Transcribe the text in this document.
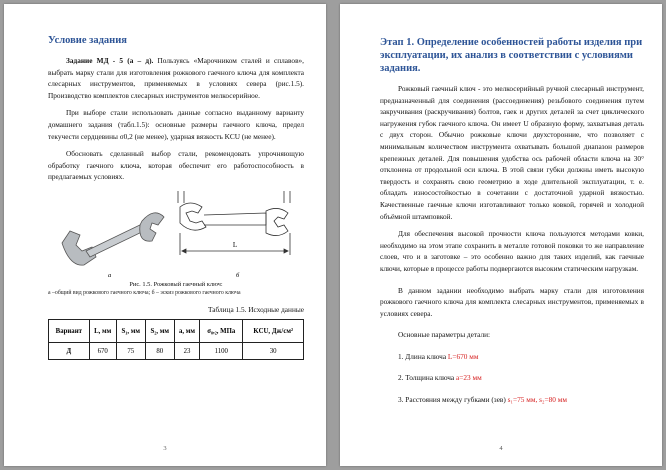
Условие задания

Задание МД - 5 (а – д). Пользуясь «Марочником сталей и сплавов», выбрать марку стали для изготовления рожкового гаечного ключа для комплекта слесарных инструментов, применяемых в условиях севера (рис.1.5). Производство комплектов слесарных инструментов мелкосерийное.

При выборе стали использовать данные согласно выданному варианту домашнего задания (табл.1.5): основные размеры гаечного ключа, предел текучести сердцевины σ0,2 (не менее), ударная вязкость KCU (не менее).

Обосновать сделанный выбор стали, рекомендовать упрочняющую обработку гаечного ключа, которая обеспечит его работоспособность в предлагаемых условиях.

L
а	б
Рис. 1.5. Рожковый гаечный ключ:
а –общий вид рожкового гаечного ключа; б – эскиз рожкового гаечного ключа
Таблица 1.5. Исходные данные
Вариант	L, мм	S₁, мм	S₂, мм	a, мм	σ₀,₂, МПа	KCU, Дж/см²
Д	670	75	80	23	1100	30
3
Этап 1. Определение особенностей работы изделия при эксплуатации, их анализ в соответствии с условиями задания.

Рожковый гаечный ключ - это мелкосерийный ручной слесарный инструмент, предназначенный для соединения (рассоединения) резьбового соединения путем закручивания (раскручивания) болтов, гаек и других деталей за счет циклического нагружения губок гаечного ключа. Он имеет U образную форму, захватывая деталь с двух сторон. Обычно рожковые ключи двухсторонние, что позволяет с минимальным количеством инструмента охватывать большой диапазон размеров крепежных деталей. Для повышения удобства ось рабочей области ключа на 30° отклонена от продольной оси ключа. В этой связи губки должны иметь высокую твердость и сохранять свою геометрию в ходе длительной эксплуатации, т. е. обладать износостойкостью в сочетании с достаточной ударной вязкостью. Качественные гаечные ключи изготавливают только ковкой, горячей и холодной объёмной штамповкой.

Для обеспечения высокой прочности ключа пользуются методами ковки, необходимо на этом этапе сохранить в металле готовой поковки то же направление слоев, что и в заготовке – это особенно важно для таких изделий, как гаечные ключи, которые в процессе работы подвергаются высоким статическим нагрузкам.

В данном задании необходимо выбрать марку стали для изготовления рожкового гаечного ключа для комплекта слесарных инструментов, применяемых в условиях севера.

Основные параметры детали:

1. Длина ключа L=670 мм
2. Толщина ключа a=23 мм
3. Расстояния между губками (зев) s₁=75 мм, s₂=80 мм
4
